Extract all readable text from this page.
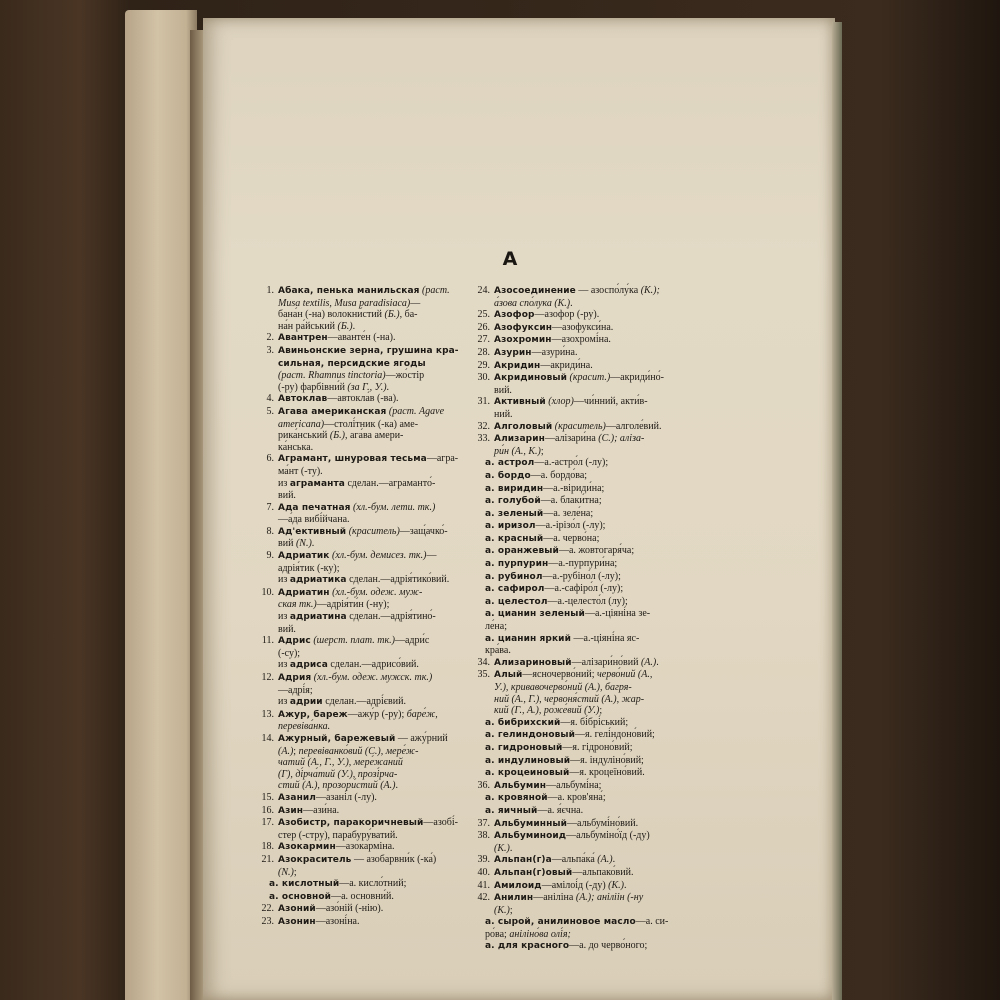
А
1. Абака, пенька манильская (раст.
Musa textilis, Musa paradisiaca)—
бана́н (-на) волокни́стий (Б.), ба-
на́н ра́йський (Б.).
2. Авантрен—аванте́н (-на).
3. Авиньонские зерна, грушина кра-
сильная, персидские ягоды
(раст. Rhamnus tinctoria)—жо́стір
(-ру) фарбівни́й (за Г., У.).
4. Автоклав—автокла́в (-ва).
5. Агава американская (раст. Agave
americana)—столі́тник (-ка) аме-
рика́нський (Б.), ага́ва амери-
ка́нська.
6. Аграмант, шнуровая тесьма—агра-
ма́нт (-ту).
из аграманта сделан.—аграманто́-
вий.
7. Ада печатная (хл.-бум. лети. тк.)
—а́да вибі́йчана.
8. Ад'ективный (краситель)—защ́ачко́-
вий (N.).
9. Адриатик (хл.-бум. демисез. тк.)—
адрія́тик (-ку);
из адриатика сделан.—адрія́тико́вий.
10. Адриатин (хл.-бум. одеж. муж-
ская тк.)—адрія́ти́н (-ну);
из адриатина сделан.—адрія́тино́-
вий.
11. Адрис (шерст. плат. тк.)—адри́с
(-су);
из адриса сделан.—адрисо́вий.
12. Адрия (хл.-бум. одеж. мужск. тк.)
—адрі́я;
из адрии сделан.—адрі́євий.
13. Ажур, бареж—ажу́р (-ру); баре́ж,
перевіва́нка.
14. Ажурный, барежевый — ажу́рний
(А.); перевіванко́вий (С.), мере́ж-
чатий (А., Г., У.), мере́жаний
(Г), ді́рча́тий (У.), прозі́рча-
стий (А.), прозори́стий (А.).
15. Азанил—азані́л (-лу).
16. Азин—ази́на.
17. Азобистр, паракоричневый—азобі́-
стер (-стру), парабуру́ватий.
18. Азокармин—азокарміна.
21. Азокраситель — азобарвни́к (-ка́)
(N.);
а. кислотный—а. кисло́тний;
а. основной—а. основни́й.
22. Азоний—азо́ній (-нію).
23. Азонин—азоні́на.
24. Азосоединение — азоспо́лу́ка (К.);
а́зова спо́лука (К.).
25. Азофор—азофо́р (-ру).
26. Азофуксин—азофукси́на.
27. Азохромин—азохромі́на.
28. Азурин—азури́на.
29. Акридин—акриди́на.
30. Акридиновый (красит.)—акриди́но́-
вий.
31. Активный (хлор)—чи́нний, акти́в-
ний.
32. Алголовый (краситель)—алголе́вий.
33. Ализарин—алізари́на (С.); алiза-
ри́н (А., К.);
а. астрол—а.-астро́л (-лу);
а. бордо—а. бордо́ва;
а. виридин—а.-віриди́на;
а. голубой—а. блаки́тна;
а. зеленый—а. зеле́на;
а. иризол—а.-ірізо́л (-лу);
а. красный—а. черво́на;
а. оранжевый—а. жовтогаря́ча;
а. пурпурин—а.-пурпури́на;
а. рубинол—а.-рубіно́л (-лу);
а. сафирол—а.-сафіро́л (-лу);
а. целестол—а.-целесто́л (лу);
а. цианин зеленый—а.-ціяні́на зе-
ле́на;
а. цианин яркий —а.-ціяні́на яс-
кра́ва.
34. Ализариновый—алізари́но́вий (А.).
35. Алый—ясночерво́ний; черво́ний (А.,
У.), кривавочерво́ний (А.), багря-
ний (А., Г.), червоня́стий (А.), жар-
кий (Г., А.), роже́вий (У.);
а. бибрихский—я. бі́брі́ський;
а. гелиндоновый—я. гелі́ндоно́вий;
а. гидроновый—я. гідроно́вий;
а. индулиновый—я. індуліно́вий;
а. кроцеиновый—я. кроцеїно́вий.
36. Альбумин—альбумі́на;
а. кровяной—а. кров'яна́;
а. яичный—а. я́єчна.
37. Альбуминный—альбумі́но́вий.
38. Альбуминоид—альбуміно́їд (-ду)
(К.).
39. Альпан(г)а—альпа́ка́ (А.).
40. Альпан(г)овый—альпако́вий.
41. Амилоид—амілоі́д (-ду) (К.).
42. Анилин—аніліна (А.); аніліін (-ну
(К.);
а. сырой, анилиновое масло—а. си-
ро́ва; аніліно́ва олі́я;
а. для красного—а. до черво́ного;
